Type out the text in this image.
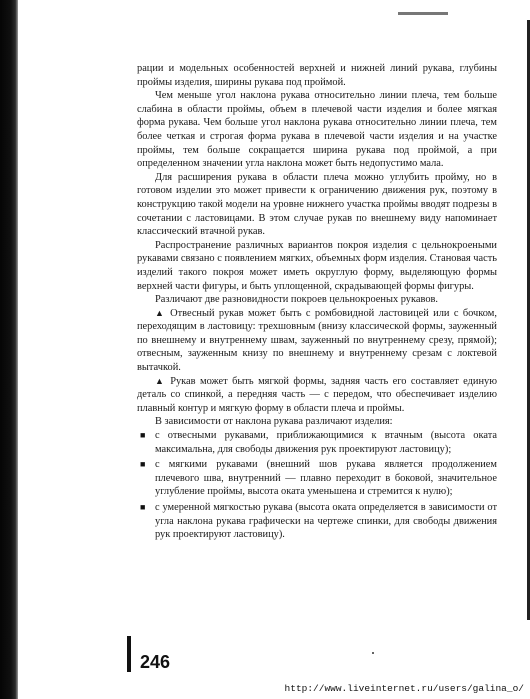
рации и модельных особенностей верхней и нижней линий рукава, глубины проймы изделия, ширины рукава под проймой.

Чем меньше угол наклона рукава относительно линии плеча, тем больше слабина в области проймы, объем в плечевой части изделия и более мягкая форма рукава. Чем больше угол наклона рукава относительно линии плеча, тем более четкая и строгая форма рукава в плечевой части изделия и на участке проймы, тем больше сокращается ширина рукава под проймой, а при определенном значении угла наклона может быть недопустимо мала.

Для расширения рукава в области плеча можно углубить пройму, но в готовом изделии это может привести к ограничению движения рук, поэтому в конструкцию такой модели на уровне нижнего участка проймы вводят подрезы в сочетании с ластовицами. В этом случае рукав по внешнему виду напоминает классический втачной рукав.

Распространение различных вариантов покроя изделия с цельнокроеными рукавами связано с появлением мягких, объемных форм изделия. Становая часть изделий такого покроя может иметь округлую форму, выделяющую формы верхней части фигуры, и быть уплощенной, скрадывающей формы фигуры.

Различают две разновидности покроев цельнокроеных рукавов.

▲ Отвесный рукав может быть с ромбовидной ластовицей или с бочком, переходящим в ластовицу: трехшовным (внизу классической формы, зауженный по внешнему и внутреннему швам, зауженный по внутреннему срезу, прямой); отвесным, зауженным книзу по внешнему и внутреннему срезам с локтевой вытачкой.

▲ Рукав может быть мягкой формы, задняя часть его составляет единую деталь со спинкой, а передняя часть — с передом, что обеспечивает изделию плавный контур и мягкую форму в области плеча и проймы.

В зависимости от наклона рукава различают изделия:

■ с отвесными рукавами, приближающимися к втачным (высота оката максимальна, для свободы движения рук проектируют ластовицу);
■ с мягкими рукавами (внешний шов рукава является продолжением плечевого шва, внутренний — плавно переходит в боковой, значительное углубление проймы, высота оката уменьшена и стремится к нулю);
■ с умеренной мягкостью рукава (высота оката определяется в зависимости от угла наклона рукава графически на чертеже спинки, для свободы движения рук проектируют ластовицу).
246
http://www.liveinternet.ru/users/galina_o/
